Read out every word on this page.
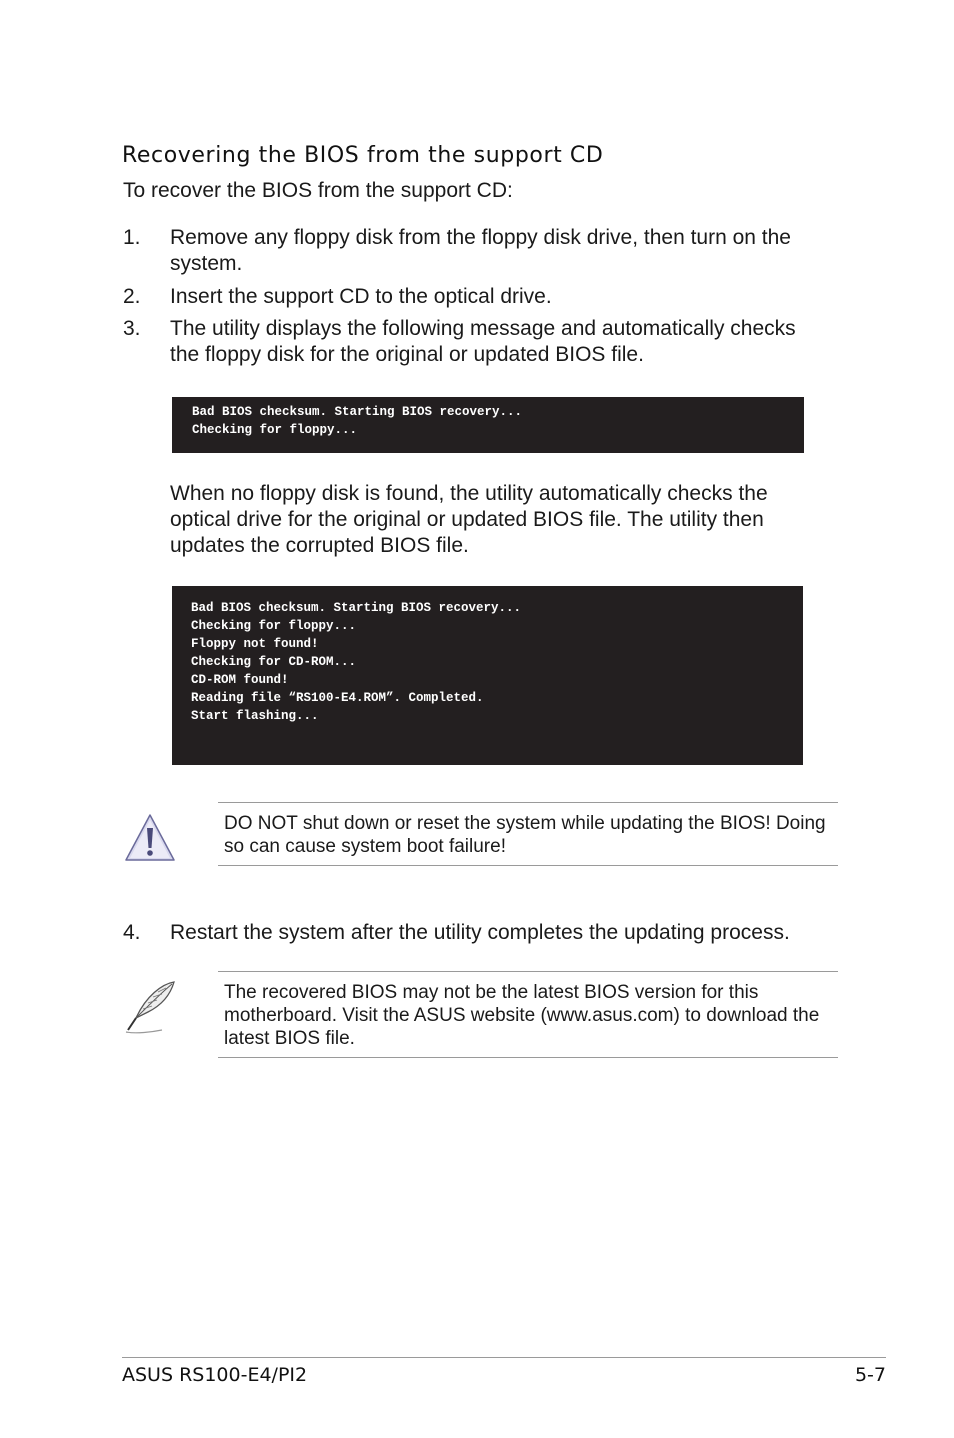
Recovering the BIOS from the support CD
To recover the BIOS from the support CD:
1. Remove any floppy disk from the floppy disk drive, then turn on the system.
2. Insert the support CD to the optical drive.
3. The utility displays the following message and automatically checks the floppy disk for the original or updated BIOS file.
Bad BIOS checksum. Starting BIOS recovery...
Checking for floppy...
When no floppy disk is found, the utility automatically checks the optical drive for the original or updated BIOS file. The utility then updates the corrupted BIOS file.
Bad BIOS checksum. Starting BIOS recovery...
Checking for floppy...
Floppy not found!
Checking for CD-ROM...
CD-ROM found!
Reading file “RS100-E4.ROM”. Completed.
Start flashing...
DO NOT shut down or reset the system while updating the BIOS! Doing so can cause system boot failure!
4. Restart the system after the utility completes the updating process.
The recovered BIOS may not be the latest BIOS version for this motherboard. Visit the ASUS website (www.asus.com) to download the latest BIOS file.
ASUS RS100-E4/PI2	5-7
